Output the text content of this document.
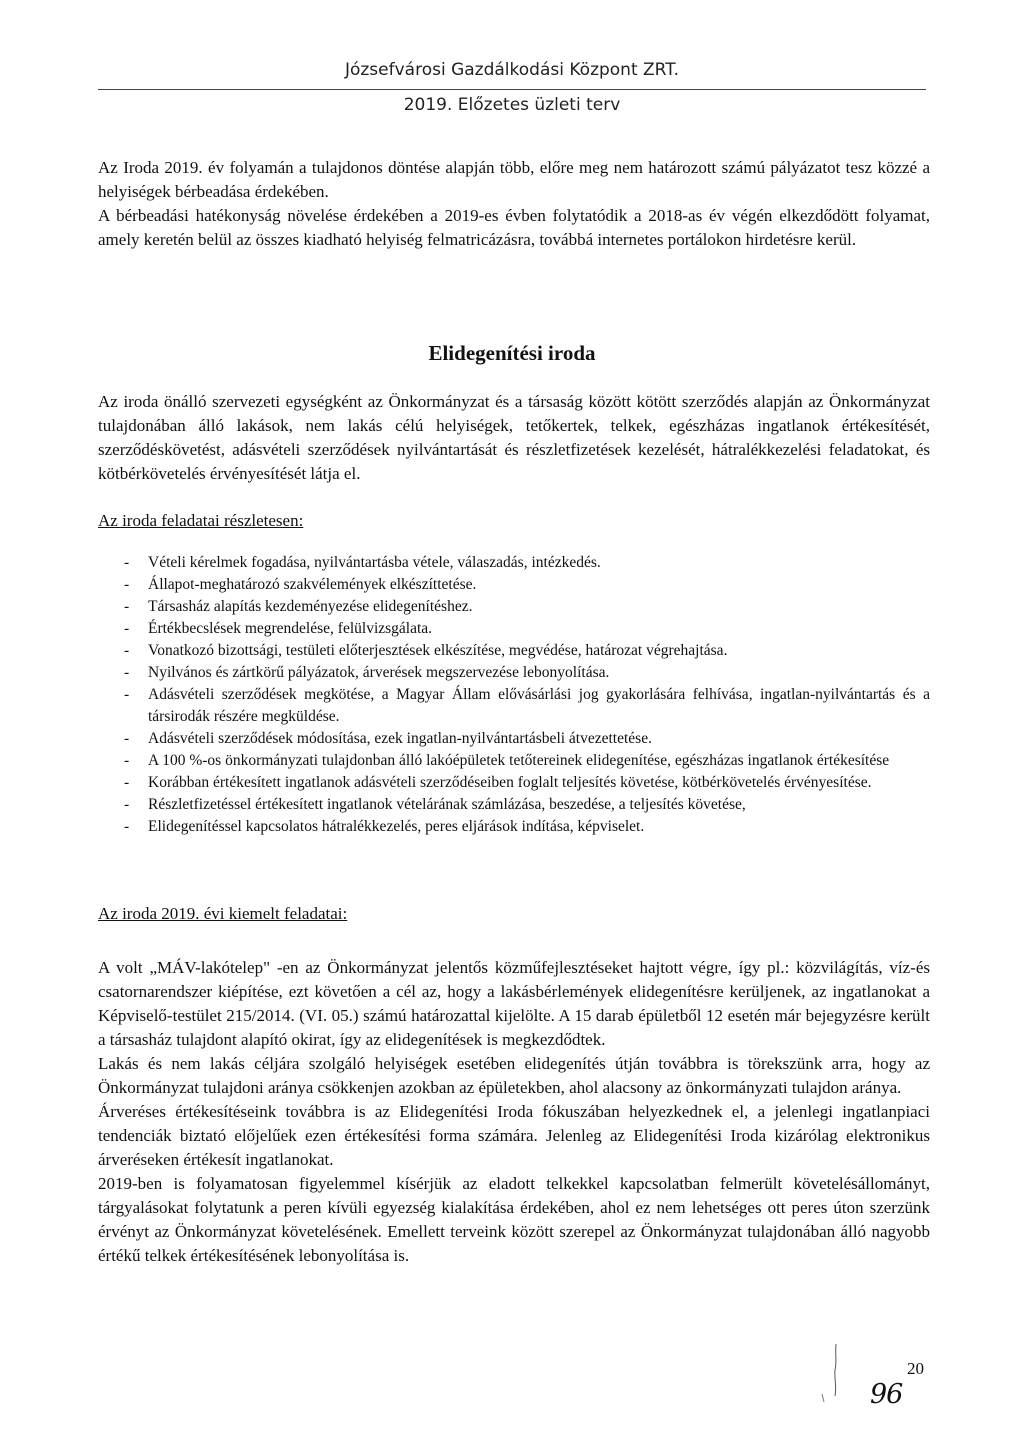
Józsefvárosi Gazdálkodási Központ ZRT.
2019. Előzetes üzleti terv

Az Iroda 2019. év folyamán a tulajdonos döntése alapján több, előre meg nem határozott számú pályázatot tesz közzé a helyiségek bérbeadása érdekében.

A bérbeadási hatékonyság növelése érdekében a 2019-es évben folytatódik a 2018-as év végén elkezdődött folyamat, amely keretén belül az összes kiadható helyiség felmatricázásra, továbbá internetes portálokon hirdetésre kerül.

Elidegenítési iroda

Az iroda önálló szervezeti egységként az Önkormányzat és a társaság között kötött szerződés alapján az Önkormányzat tulajdonában álló lakások, nem lakás célú helyiségek, tetőkertek, telkek, egészházas ingatlanok értékesítését, szerződéskövetést, adásvételi szerződések nyilvántartását és részletfizetések kezelését, hátralékkezelési feladatokat, és kötbérkövetelés érvényesítését látja el.

Az iroda feladatai részletesen:
- Vételi kérelmek fogadása, nyilvántartásba vétele, válaszadás, intézkedés.
- Állapot-meghatározó szakvélemények elkészíttetése.
- Társasház alapítás kezdeményezése elidegenítéshez.
- Értékbecslések megrendelése, felülvizsgálata.
- Vonatkozó bizottsági, testületi előterjesztések elkészítése, megvédése, határozat végrehajtása.
- Nyilvános és zártkörű pályázatok, árverések megszervezése lebonyolítása.
- Adásvételi szerződések megkötése, a Magyar Állam elővásárlási jog gyakorlására felhívása, ingatlan-nyilvántartás és a társirodák részére megküldése.
- Adásvételi szerződések módosítása, ezek ingatlan-nyilvántartásbeli átvezettetése.
- A 100 %-os önkormányzati tulajdonban álló lakóépületek tetőtereinek elidegenítése, egészházas ingatlanok értékesítése
- Korábban értékesített ingatlanok adásvételi szerződéseiben foglalt teljesítés követése, kötbérkövetelés érvényesítése.
- Részletfizetéssel értékesített ingatlanok vételárának számlázása, beszedése, a teljesítés követése,
- Elidegenítéssel kapcsolatos hátralékkezelés, peres eljárások indítása, képviselet.
Az iroda 2019. évi kiemelt feladatai:

A volt „MÁV-lakótelep" -en az Önkormányzat jelentős közműfejlesztéseket hajtott végre, így pl.: közvilágítás, víz-és csatornarendszer kiépítése, ezt követően a cél az, hogy a lakásbérlemények elidegenítésre kerüljenek, az ingatlanokat a Képviselő-testület 215/2014. (VI. 05.) számú határozattal kijelölte. A 15 darab épületből 12 esetén már bejegyzésre került a társasház tulajdont alapító okirat, így az elidegenítések is megkezdődtek.

Lakás és nem lakás céljára szolgáló helyiségek esetében elidegenítés útján továbbra is törekszünk arra, hogy az Önkormányzat tulajdoni aránya csökkenjen azokban az épületekben, ahol alacsony az önkormányzati tulajdon aránya.

Árveréses értékesítéseink továbbra is az Elidegenítési Iroda fókuszában helyezkednek el, a jelenlegi ingatlanpiaci tendenciák biztató előjelűek ezen értékesítési forma számára. Jelenleg az Elidegenítési Iroda kizárólag elektronikus árveréseken értékesít ingatlanokat.

2019-ben is folyamatosan figyelemmel kísérjük az eladott telkekkel kapcsolatban felmerült követelésállományt, tárgyalásokat folytatunk a peren kívüli egyezség kialakítása érdekében, ahol ez nem lehetséges ott peres úton szerzünk érvényt az Önkormányzat követelésének. Emellett terveink között szerepel az Önkormányzat tulajdonában álló nagyobb értékű telkek értékesítésének lebonyolítása is.

20
96
